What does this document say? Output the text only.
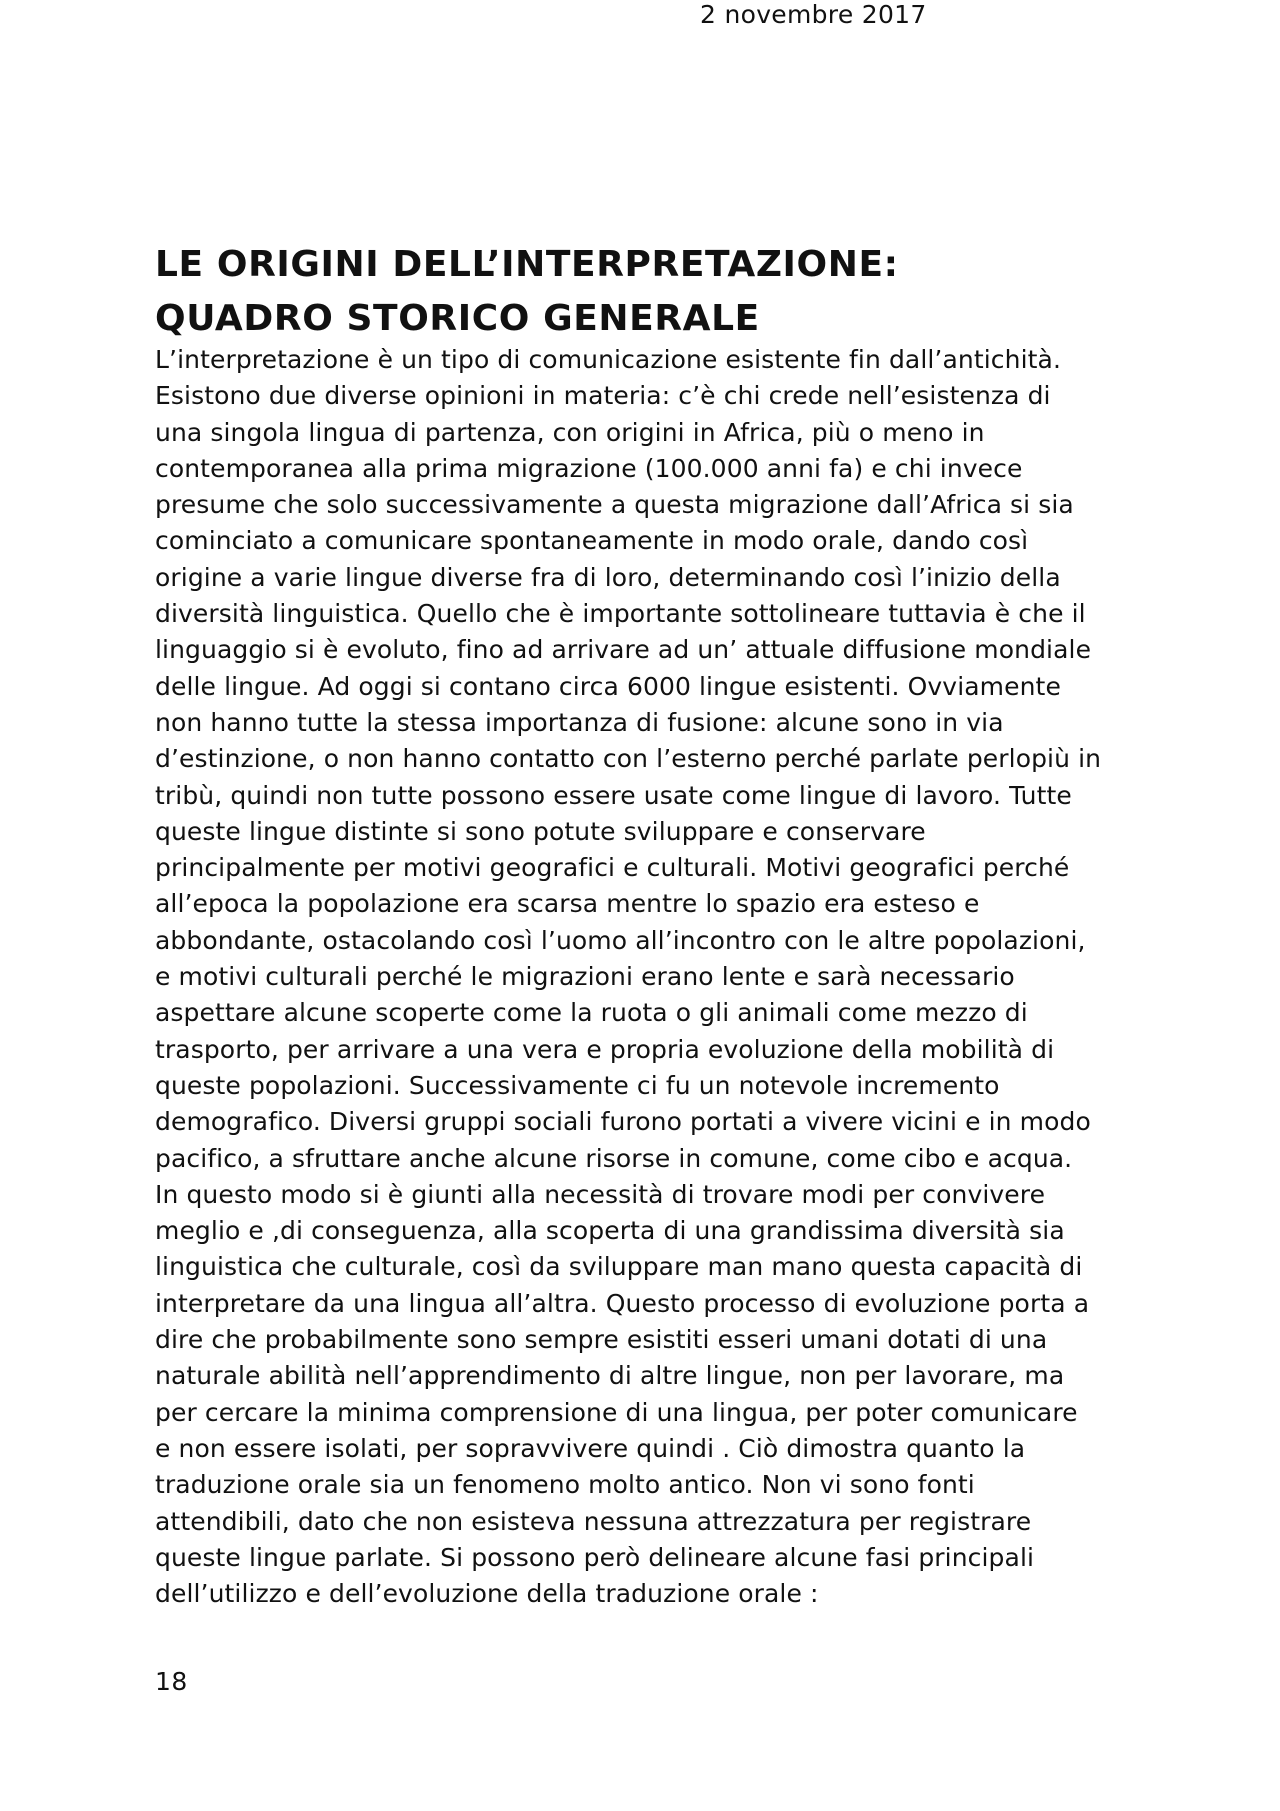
2 novembre 2017
LE ORIGINI DELL’INTERPRETAZIONE:
QUADRO STORICO GENERALE
L’interpretazione è un tipo di comunicazione esistente fin dall’antichità.
Esistono due diverse opinioni in materia: c’è chi crede nell’esistenza di
una singola lingua di partenza, con origini in Africa, più o meno in
contemporanea alla prima migrazione (100.000 anni fa) e chi invece
presume che solo successivamente a questa migrazione dall’Africa si sia
cominciato a comunicare spontaneamente in modo orale, dando così
origine a varie lingue diverse fra di loro, determinando così l’inizio della
diversità linguistica. Quello che è importante sottolineare tuttavia è che il
linguaggio si è evoluto, fino ad arrivare ad un’ attuale diffusione mondiale
delle lingue. Ad oggi si contano circa 6000 lingue esistenti. Ovviamente
non hanno tutte la stessa importanza di fusione: alcune sono in via
d’estinzione, o non hanno contatto con l’esterno perché parlate perlopiù in
tribù, quindi non tutte possono essere usate come lingue di lavoro. Tutte
queste lingue distinte si sono potute sviluppare e conservare
principalmente per motivi geografici e culturali. Motivi geografici perché
all’epoca la popolazione era scarsa mentre lo spazio era esteso e
abbondante, ostacolando così l’uomo all’incontro con le altre popolazioni,
e motivi culturali perché le migrazioni erano lente e sarà necessario
aspettare alcune scoperte come la ruota o gli animali come mezzo di
trasporto, per arrivare a una vera e propria evoluzione della mobilità di
queste popolazioni. Successivamente ci fu un notevole incremento
demografico. Diversi gruppi sociali furono portati a vivere vicini e in modo
pacifico, a sfruttare anche alcune risorse in comune, come cibo e acqua.
In questo modo si è giunti alla necessità di trovare modi per convivere
meglio e ,di conseguenza, alla scoperta di una grandissima diversità sia
linguistica che culturale, così da sviluppare man mano questa capacità di
interpretare da una lingua all’altra. Questo processo di evoluzione porta a
dire che probabilmente sono sempre esistiti esseri umani dotati di una
naturale abilità nell’apprendimento di altre lingue, non per lavorare, ma
per cercare la minima comprensione di una lingua, per poter comunicare
e non essere isolati, per sopravvivere quindi . Ciò dimostra quanto la
traduzione orale sia un fenomeno molto antico. Non vi sono fonti
attendibili, dato che non esisteva nessuna attrezzatura per registrare
queste lingue parlate. Si possono però delineare alcune fasi principali
dell’utilizzo e dell’evoluzione della traduzione orale :
18
